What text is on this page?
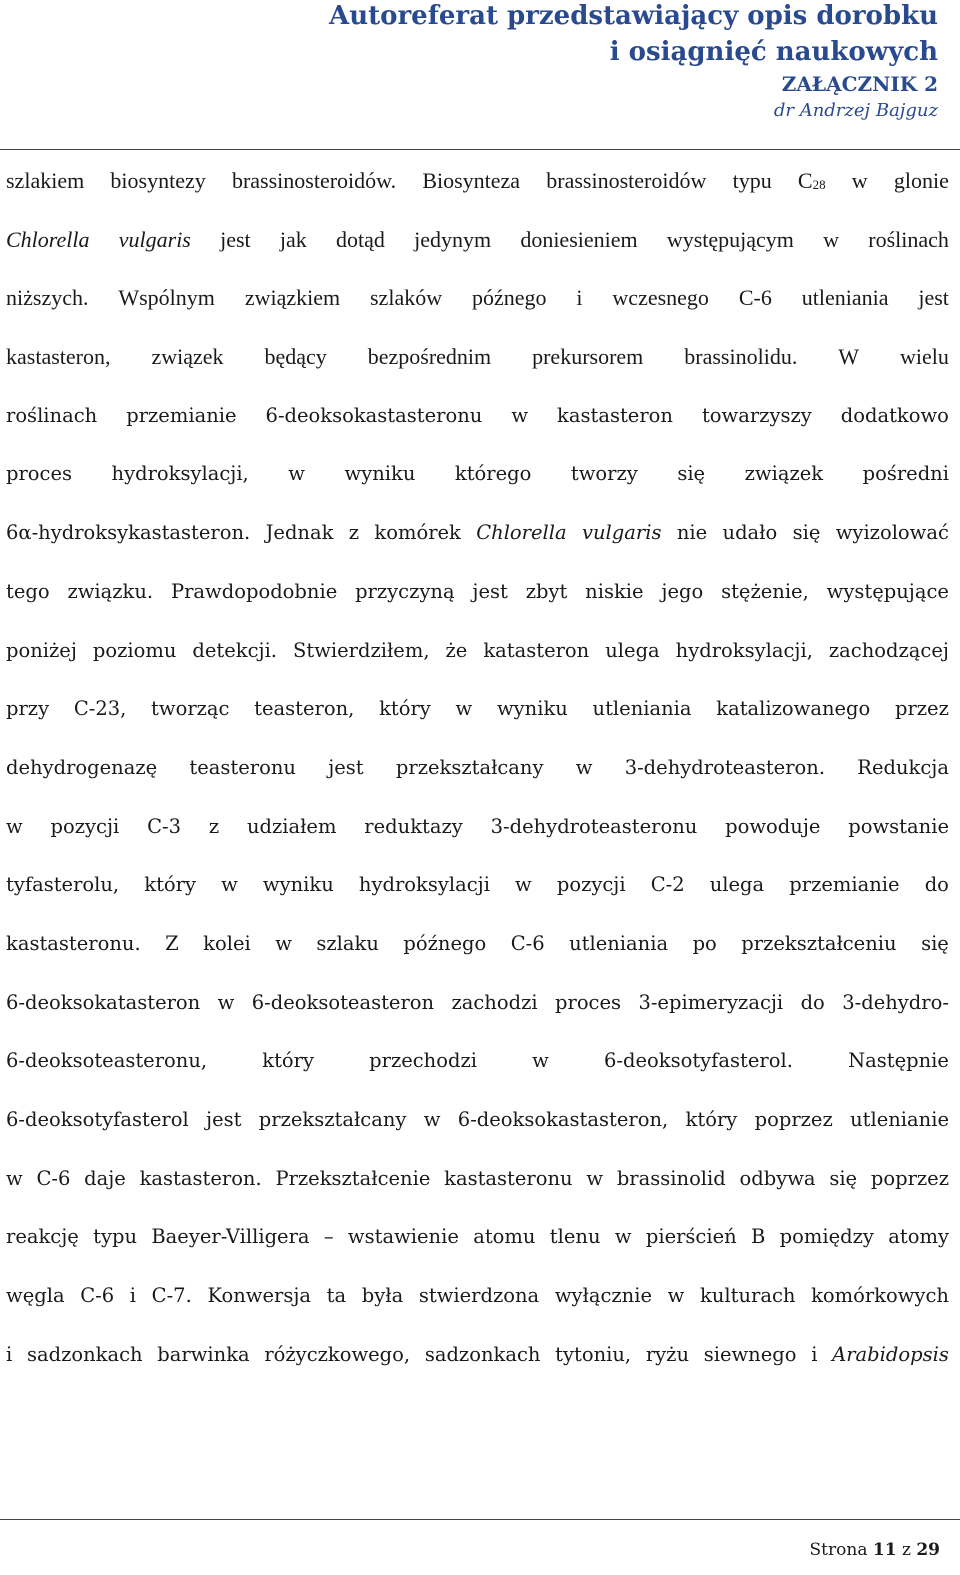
Autoreferat przedstawiający opis dorobku
i osiągnięć naukowych
ZAŁĄCZNIK 2
dr Andrzej Bajguz
szlakiem biosyntezy brassinosteroidów. Biosynteza brassinosteroidów typu $C_{28}$ w glonie
Chlorella vulgaris jest jak dotąd jedynym doniesieniem występującym w roślinach
niższych. Wspólnym związkiem szlaków późnego i wczesnego C-6 utleniania jest
kastasteron, związek będący bezpośrednim prekursorem brassinolidu. W wielu
roślinach przemianie 6-deoksokastasteronu w kastasteron towarzyszy dodatkowo
proces hydroksylacji, w wyniku którego tworzy się związek pośredni
6α-hydroksykastasteron. Jednak z komórek Chlorella vulgaris nie udało się wyizolować
tego związku. Prawdopodobnie przyczyną jest zbyt niskie jego stężenie, występujące
poniżej poziomu detekcji. Stwierdziłem, że katasteron ulega hydroksylacji, zachodzącej
przy C-23, tworząc teasteron, który w wyniku utleniania katalizowanego przez
dehydrogenazę teasteronu jest przekształcany w 3-dehydroteasteron. Redukcja
w pozycji C-3 z udziałem reduktazy 3-dehydroteasteronu powoduje powstanie
tyfasterolu, który w wyniku hydroksylacji w pozycji C-2 ulega przemianie do
kastasteronu. Z kolei w szlaku późnego C-6 utleniania po przekształceniu się
6-deoksokatasteron w 6-deoksoteasteron zachodzi proces 3-epimeryzacji do 3-dehydro-
6-deoksoteasteronu,	który	przechodzi	w	6-deoksotyfasterol.	Następnie
6-deoksotyfasterol jest przekształcany w 6-deoksokastasteron, który poprzez utlenianie
w C-6 daje kastasteron. Przekształcenie kastasteronu w brassinolid odbywa się poprzez
reakcję typu Baeyer-Villigera – wstawienie atomu tlenu w pierścień B pomiędzy atomy
węgla C-6 i C-7. Konwersja ta była stwierdzona wyłącznie w kulturach komórkowych
i sadzonkach barwinka różyczkowego, sadzonkach tytoniu, ryżu siewnego i Arabidopsis
Strona 11 z 29
